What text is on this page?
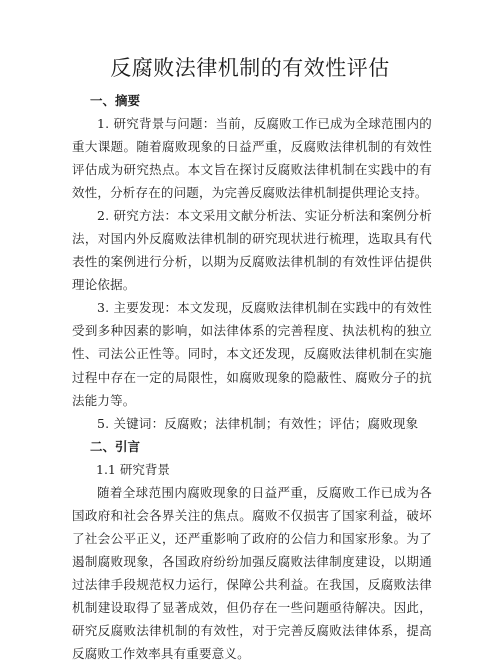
反腐败法律机制的有效性评估
一、摘要

1. 研究背景与问题：当前，反腐败工作已成为全球范围内的重大课题。随着腐败现象的日益严重，反腐败法律机制的有效性评估成为研究热点。本文旨在探讨反腐败法律机制在实践中的有效性，分析存在的问题，为完善反腐败法律机制提供理论支持。

2. 研究方法：本文采用文献分析法、实证分析法和案例分析法，对国内外反腐败法律机制的研究现状进行梳理，选取具有代表性的案例进行分析，以期为反腐败法律机制的有效性评估提供理论依据。

3. 主要发现：本文发现，反腐败法律机制在实践中的有效性受到多种因素的影响，如法律体系的完善程度、执法机构的独立性、司法公正性等。同时，本文还发现，反腐败法律机制在实施过程中存在一定的局限性，如腐败现象的隐蔽性、腐败分子的抗法能力等。

5. 关键词：反腐败；法律机制；有效性；评估；腐败现象

二、引言
1.1 研究背景

随着全球范围内腐败现象的日益严重，反腐败工作已成为各国政府和社会各界关注的焦点。腐败不仅损害了国家利益，破坏了社会公平正义，还严重影响了政府的公信力和国家形象。为了遏制腐败现象，各国政府纷纷加强反腐败法律制度建设，以期通过法律手段规范权力运行，保障公共利益。在我国，反腐败法律机制建设取得了显著成效，但仍存在一些问题亟待解决。因此，研究反腐败法律机制的有效性，对于完善反腐败法律体系，提高反腐败工作效率具有重要意义。
